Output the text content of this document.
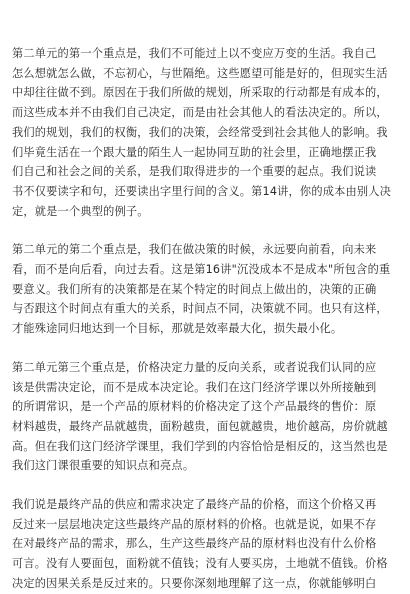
第二单元的第一个重点是，我们不可能过上以不变应万变的生活。我自己
怎么想就怎么做，不忘初心，与世隔绝。这些愿望可能是好的，但现实生活
中却往往做不到。原因在于我们所做的规划，所采取的行动都是有成本的，
而这些成本并不由我们自己决定，而是由社会其他人的看法决定的。所以，
我们的规划，我们的权衡，我们的决策，会经常受到社会其他人的影响。我
们毕竟生活在一个跟大量的陌生人一起协同互助的社会里，正确地摆正我
们自己和社会之间的关系，是我们取得进步的一个重要的起点。我们说读
书不仅要读字和句，还要读出字里行间的含义。第14讲，你的成本由别人决
定，就是一个典型的例子。
第二单元的第二个重点是，我们在做决策的时候，永远要向前看，向未来
看，而不是向后看，向过去看。这是第16讲"沉没成本不是成本"所包含的重
要意义。我们所有的决策都是在某个特定的时间点上做出的，决策的正确
与否跟这个时间点有重大的关系，时间点不同，决策就不同。也只有这样，
才能殊途同归地达到一个目标，那就是效率最大化，损失最小化。
第二单元第三个重点是，价格决定力量的反向关系，或者说我们认同的应
该是供需决定论，而不是成本决定论。我们在这门经济学课以外所接触到
的所谓常识，是一个产品的原材料的价格决定了这个产品最终的售价：原
材料越贵，最终产品就越贵，面粉越贵，面包就越贵，地价越高，房价就越
高。但在我们这门经济学课里，我们学到的内容恰恰是相反的，这当然也是
我们这门课很重要的知识点和亮点。
我们说是最终产品的供应和需求决定了最终产品的价格，而这个价格又再
反过来一层层地决定这些最终产品的原材料的价格。也就是说，如果不存
在对最终产品的需求，那么，生产这些最终产品的原材料也没有什么价格
可言。没有人要面包，面粉就不值钱；没有人要买房，土地就不值钱。价格
决定的因果关系是反过来的。只要你深刻地理解了这一点，你就能够明白
